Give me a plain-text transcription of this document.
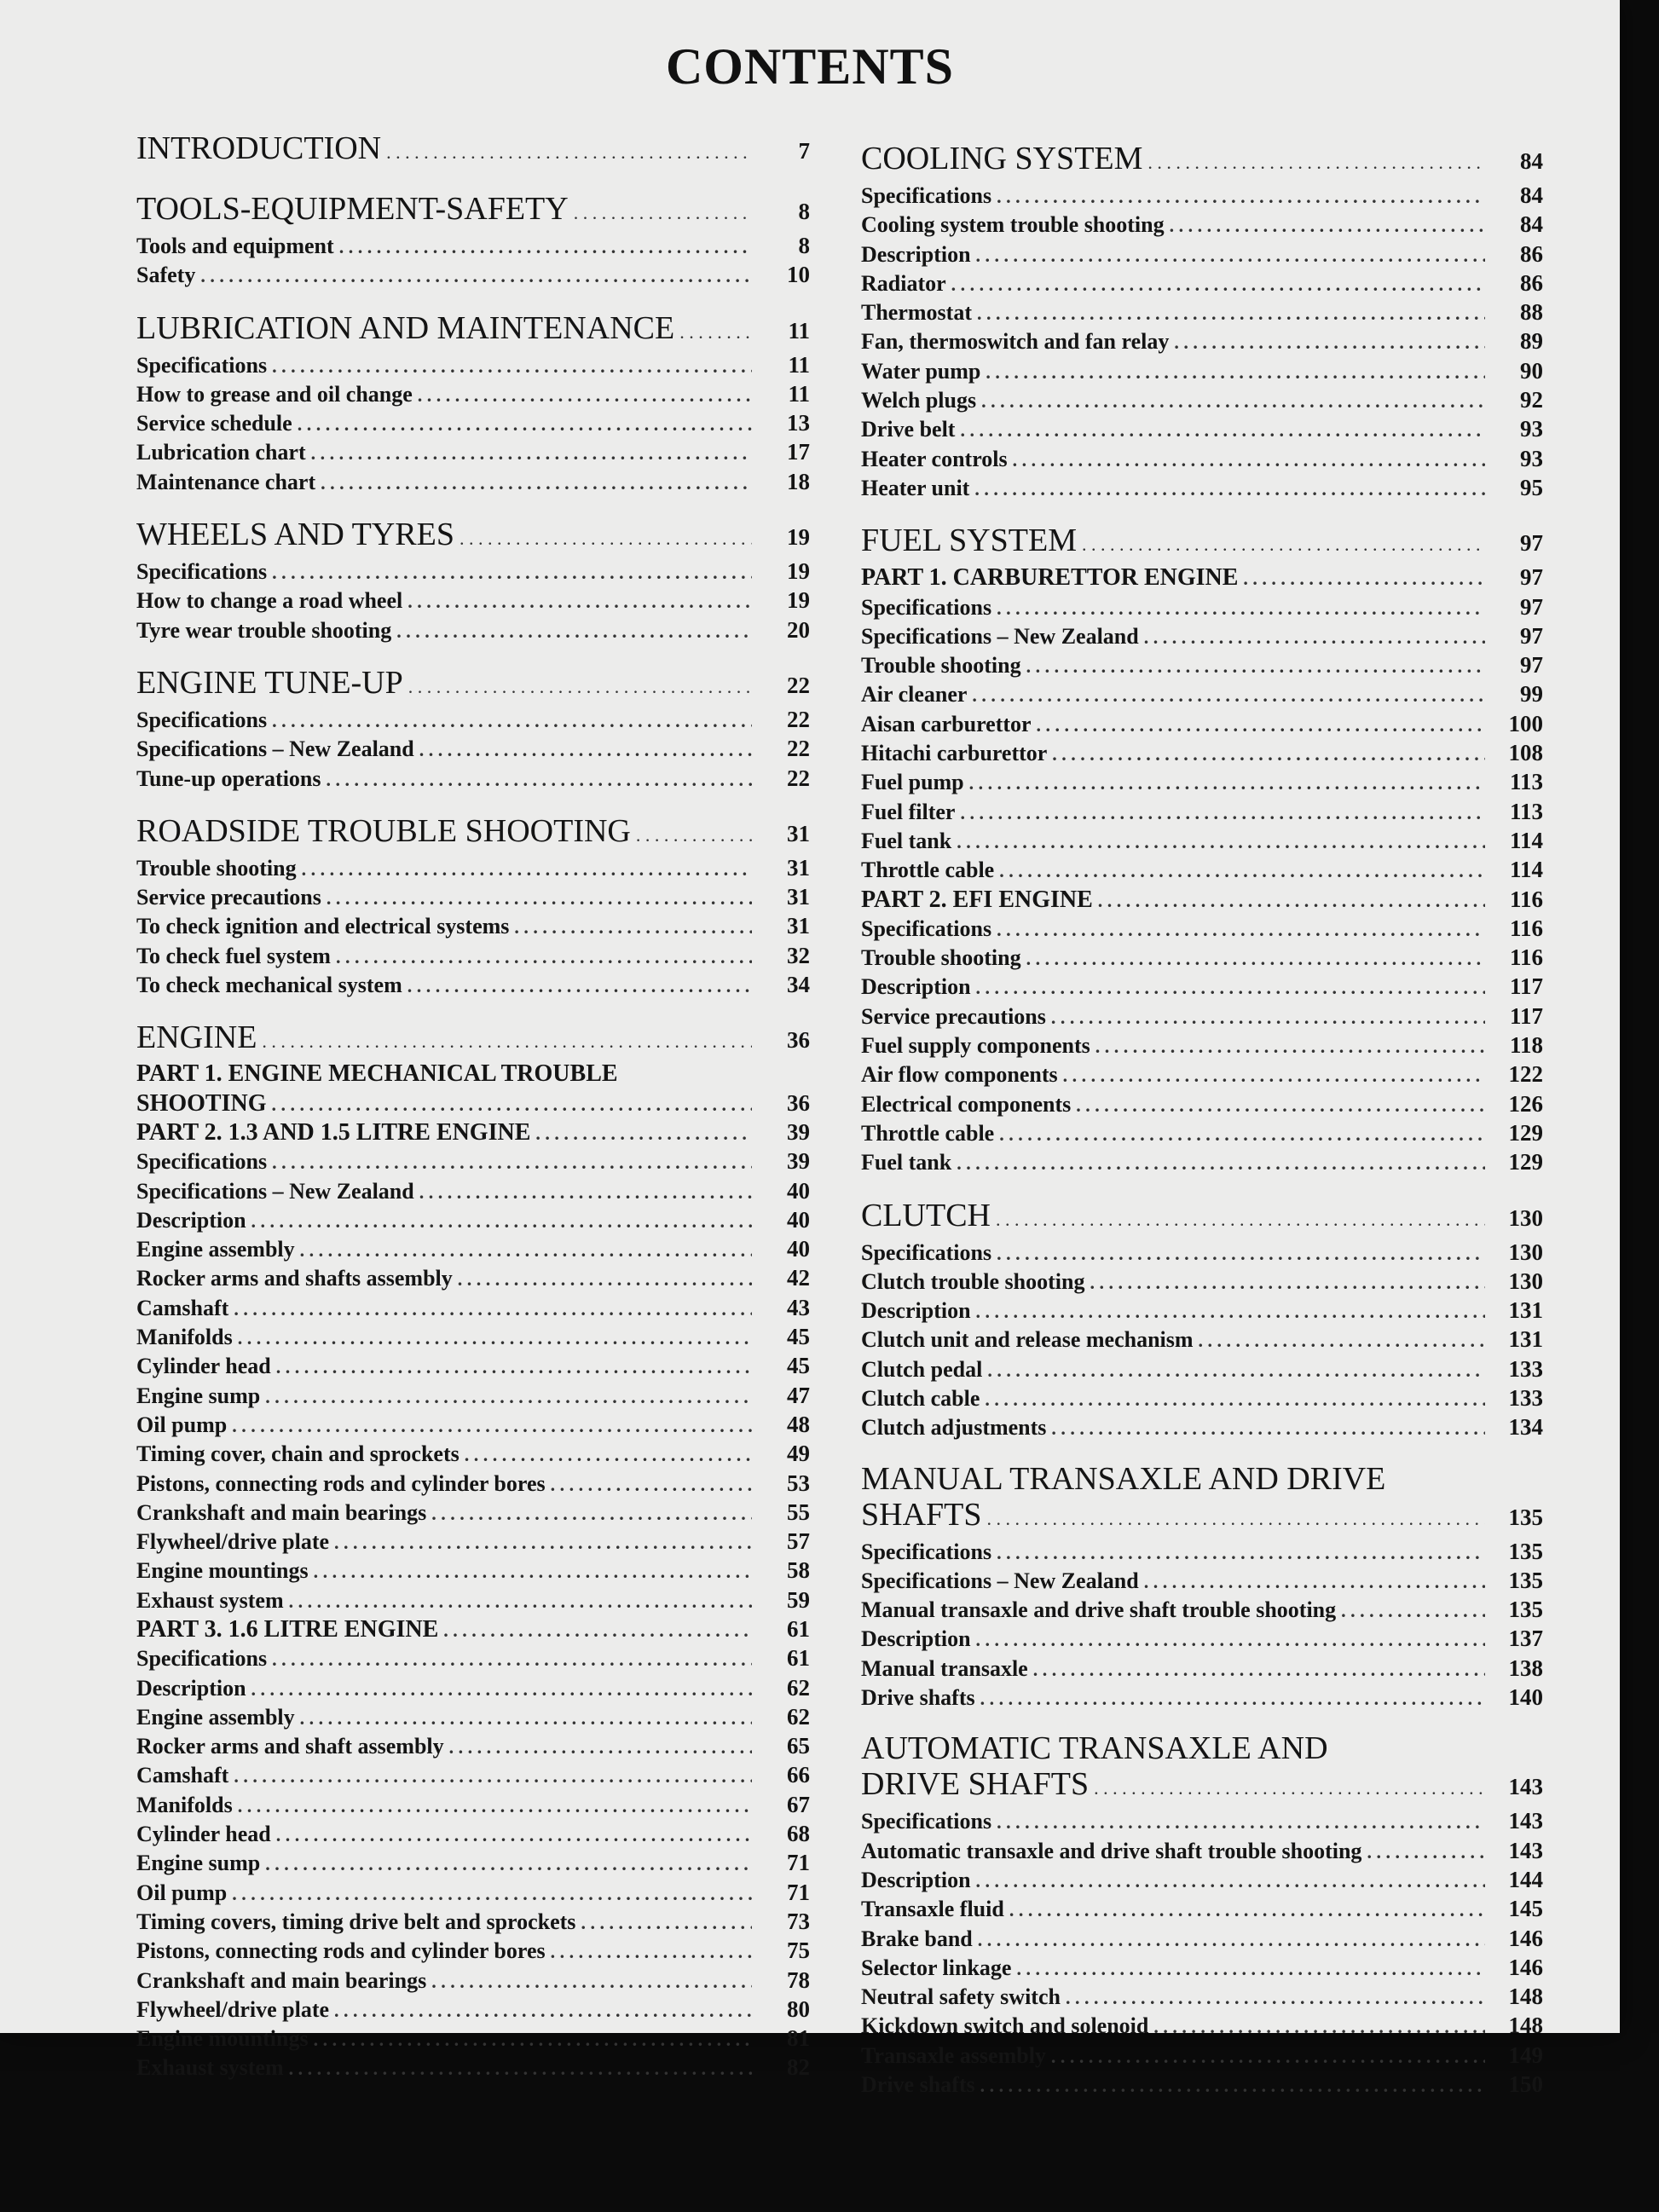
CONTENTS
INTRODUCTION . . .	7
TOOLS-EQUIPMENT-SAFETY . . .	8
Tools and equipment . . .	8
Safety . . .	10
LUBRICATION AND MAINTENANCE . . .	11
Specifications . . .	11
How to grease and oil change . . .	11
Service schedule . . .	13
Lubrication chart . . .	17
Maintenance chart . . .	18
WHEELS AND TYRES . . .	19
Specifications . . .	19
How to change a road wheel . . .	19
Tyre wear trouble shooting . . .	20
ENGINE TUNE-UP . . .	22
Specifications . . .	22
Specifications – New Zealand . . .	22
Tune-up operations . . .	22
ROADSIDE TROUBLE SHOOTING . . .	31
Trouble shooting . . .	31
Service precautions . . .	31
To check ignition and electrical systems . . .	31
To check fuel system . . .	32
To check mechanical system . . .	34
ENGINE . . .	36
PART 1. ENGINE MECHANICAL TROUBLE
SHOOTING . . .	36
PART 2. 1.3 AND 1.5 LITRE ENGINE . . .	39
Specifications . . .	39
Specifications – New Zealand . . .	40
Description . . .	40
Engine assembly . . .	40
Rocker arms and shafts assembly . . .	42
Camshaft . . .	43
Manifolds . . .	45
Cylinder head . . .	45
Engine sump . . .	47
Oil pump . . .	48
Timing cover, chain and sprockets . . .	49
Pistons, connecting rods and cylinder bores . . .	53
Crankshaft and main bearings . . .	55
Flywheel/drive plate . . .	57
Engine mountings . . .	58
Exhaust system . . .	59
PART 3. 1.6 LITRE ENGINE . . .	61
Specifications . . .	61
Description . . .	62
Engine assembly . . .	62
Rocker arms and shaft assembly . . .	65
Camshaft . . .	66
Manifolds . . .	67
Cylinder head . . .	68
Engine sump . . .	71
Oil pump . . .	71
Timing covers, timing drive belt and sprockets . . .	73
Pistons, connecting rods and cylinder bores . . .	75
Crankshaft and main bearings . . .	78
Flywheel/drive plate . . .	80
Engine mountings . . .	81
Exhaust system . . .	82
COOLING SYSTEM . . .	84
Specifications . . .	84
Cooling system trouble shooting . . .	84
Description . . .	86
Radiator . . .	86
Thermostat . . .	88
Fan, thermoswitch and fan relay . . .	89
Water pump . . .	90
Welch plugs . . .	92
Drive belt . . .	93
Heater controls . . .	93
Heater unit . . .	95
FUEL SYSTEM . . .	97
PART 1. CARBURETTOR ENGINE . . .	97
Specifications . . .	97
Specifications – New Zealand . . .	97
Trouble shooting . . .	97
Air cleaner . . .	99
Aisan carburettor . . .	100
Hitachi carburettor . . .	108
Fuel pump . . .	113
Fuel filter . . .	113
Fuel tank . . .	114
Throttle cable . . .	114
PART 2. EFI ENGINE . . .	116
Specifications . . .	116
Trouble shooting . . .	116
Description . . .	117
Service precautions . . .	117
Fuel supply components . . .	118
Air flow components . . .	122
Electrical components . . .	126
Throttle cable . . .	129
Fuel tank . . .	129
CLUTCH . . .	130
Specifications . . .	130
Clutch trouble shooting . . .	130
Description . . .	131
Clutch unit and release mechanism . . .	131
Clutch pedal . . .	133
Clutch cable . . .	133
Clutch adjustments . . .	134
MANUAL TRANSAXLE AND DRIVE
SHAFTS . . .	135
Specifications . . .	135
Specifications – New Zealand . . .	135
Manual transaxle and drive shaft trouble shooting . . .	135
Description . . .	137
Manual transaxle . . .	138
Drive shafts . . .	140
AUTOMATIC TRANSAXLE AND
DRIVE SHAFTS . . .	143
Specifications . . .	143
Automatic transaxle and drive shaft trouble shooting . . .	143
Description . . .	144
Transaxle fluid . . .	145
Brake band . . .	146
Selector linkage . . .	146
Neutral safety switch . . .	148
Kickdown switch and solenoid . . .	148
Transaxle assembly . . .	149
Drive shafts . . .	150
